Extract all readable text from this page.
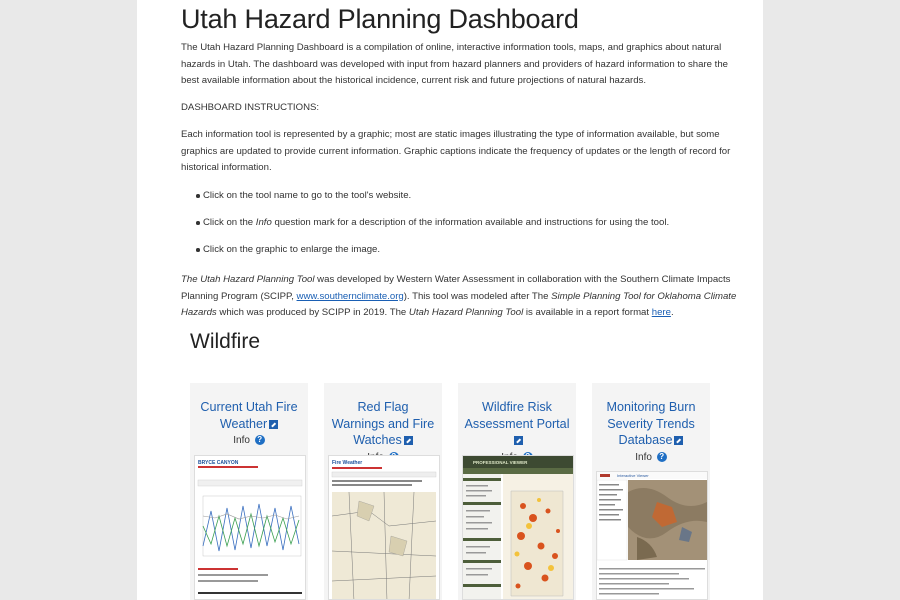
Utah Hazard Planning Dashboard

The Utah Hazard Planning Dashboard is a compilation of online, interactive information tools, maps, and graphics about natural hazards in Utah. The dashboard was developed with input from hazard planners and providers of hazard information to share the best available information about the historical incidence, current risk and future projections of natural hazards.

DASHBOARD INSTRUCTIONS:

Each information tool is represented by a graphic; most are static images illustrating the type of information available, but some graphics are updated to provide current information. Graphic captions indicate the frequency of updates or the length of record for historical information.

Click on the tool name to go to the tool's website.
Click on the Info question mark for a description of the information available and instructions for using the tool.
Click on the graphic to enlarge the image.

The Utah Hazard Planning Tool was developed by Western Water Assessment in collaboration with the Southern Climate Impacts Planning Program (SCIPP, www.southernclimate.org). This tool was modeled after The Simple Planning Tool for Oklahoma Climate Hazards which was produced by SCIPP in 2019. The Utah Hazard Planning Tool is available in a report format here.

Wildfire
Current Utah Fire Weather
Info ?
BRYCE CANYON
Red Flag Warnings and Fire Watches
Fire Weather
Wildfire Risk Assessment Portal
PROFESSIONAL VIEWER
Monitoring Burn Severity Trends Database
Info ?
Interactive Viewer
